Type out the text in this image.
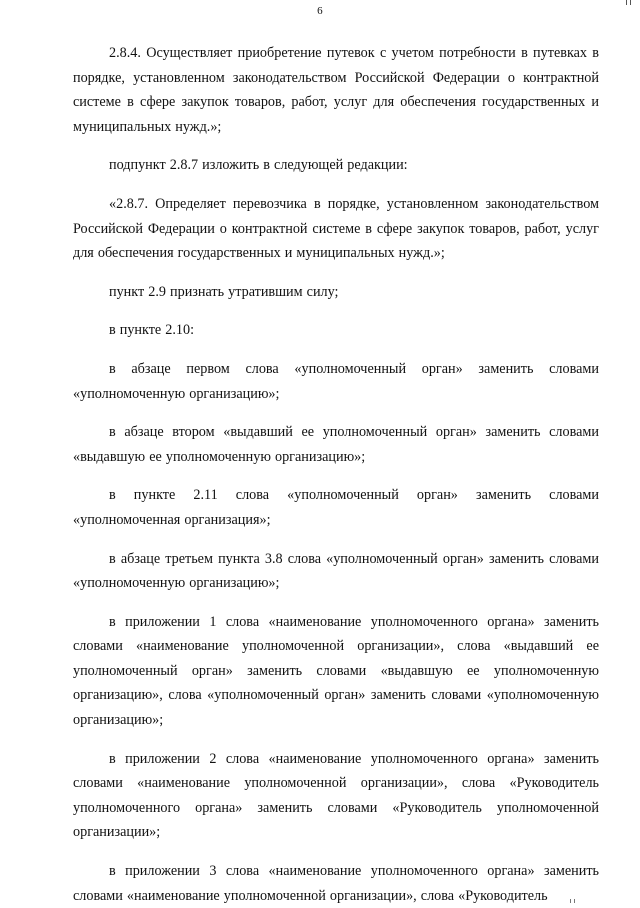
6

2.8.4. Осуществляет приобретение путевок с учетом потребности в путевках в порядке, установленном законодательством Российской Федерации о контрактной системе в сфере закупок товаров, работ, услуг для обеспечения государственных и муниципальных нужд.»;

подпункт 2.8.7 изложить в следующей редакции:

«2.8.7. Определяет перевозчика в порядке, установленном законодательством Российской Федерации о контрактной системе в сфере закупок товаров, работ, услуг для обеспечения государственных и муниципальных нужд.»;

пункт 2.9 признать утратившим силу;

в пункте 2.10:

в абзаце первом слова «уполномоченный орган» заменить словами «уполномоченную организацию»;

в абзаце втором «выдавший ее уполномоченный орган» заменить словами «выдавшую ее уполномоченную организацию»;

в пункте 2.11 слова «уполномоченный орган» заменить словами «уполномоченная организация»;

в абзаце третьем пункта 3.8 слова «уполномоченный орган» заменить словами «уполномоченную организацию»;

в приложении 1 слова «наименование уполномоченного органа» заменить словами «наименование уполномоченной организации», слова «выдавший ее уполномоченный орган» заменить словами «выдавшую ее уполномоченную организацию», слова «уполномоченный орган» заменить словами «уполномоченную организацию»;

в приложении 2 слова «наименование уполномоченного органа» заменить словами «наименование уполномоченной организации», слова «Руководитель уполномоченного органа» заменить словами «Руководитель уполномоченной организации»;

в приложении 3 слова «наименование уполномоченного органа» заменить словами «наименование уполномоченной организации», слова «Руководитель
